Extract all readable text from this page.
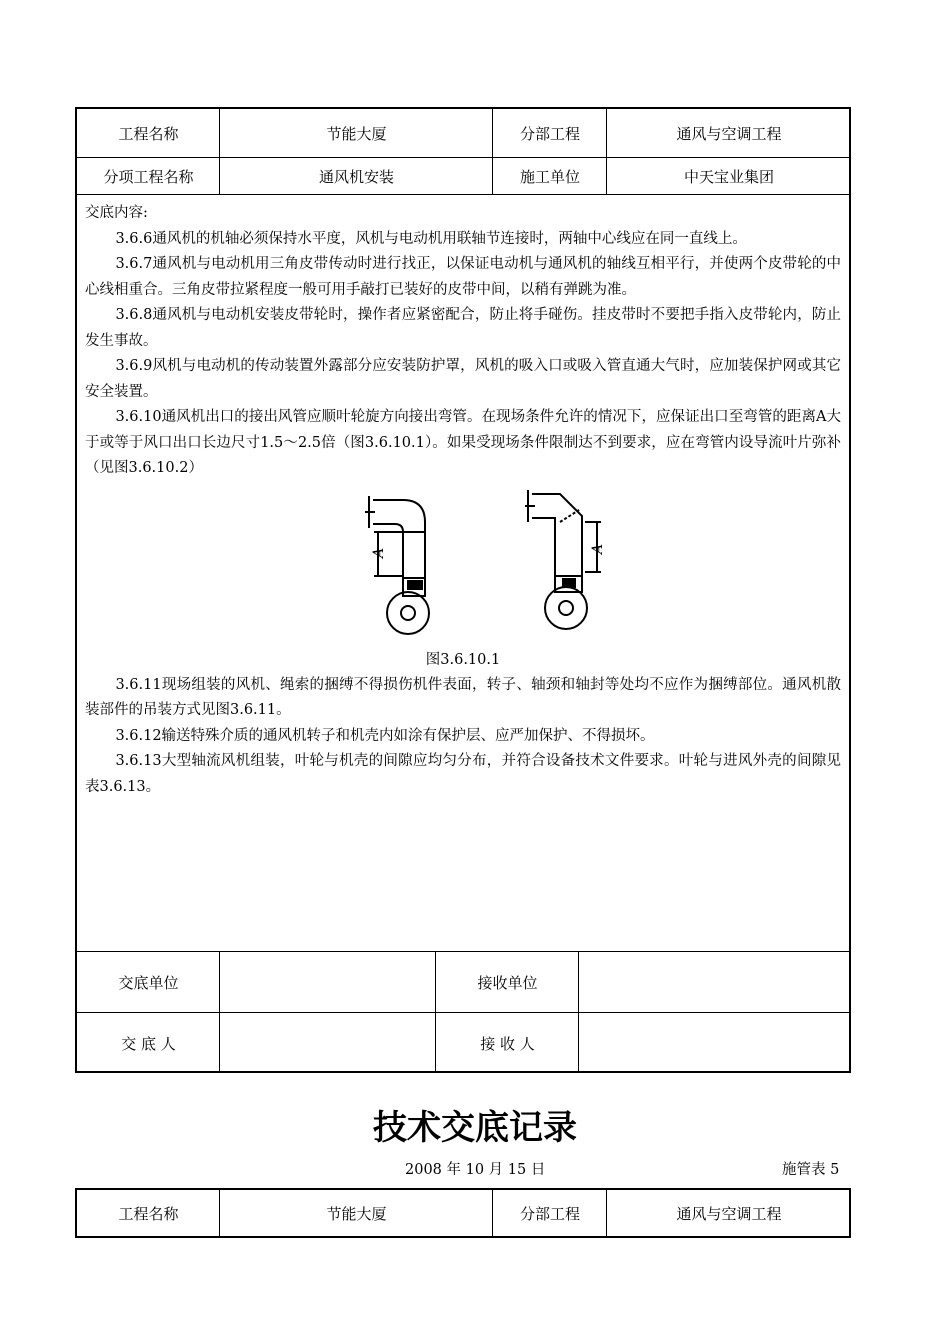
工程名称	节能大厦	分部工程	通风与空调工程
分项工程名称	通风机安装	施工单位	中天宝业集团

交底内容:

3.6.6通风机的机轴必须保持水平度，风机与电动机用联轴节连接时，两轴中心线应在同一直线上。

3.6.7通风机与电动机用三角皮带传动时进行找正，以保证电动机与通风机的轴线互相平行，并使两个皮带轮的中心线相重合。三角皮带拉紧程度一般可用手敲打已装好的皮带中间，以稍有弹跳为准。

3.6.8通风机与电动机安装皮带轮时，操作者应紧密配合，防止将手碰伤。挂皮带时不要把手指入皮带轮内，防止发生事故。

3.6.9风机与电动机的传动装置外露部分应安装防护罩，风机的吸入口或吸入管直通大气时，应加装保护网或其它安全装置。

3.6.10通风机出口的接出风管应顺叶轮旋方向接出弯管。在现场条件允许的情况下，应保证出口至弯管的距离A大于或等于风口出口长边尺寸1.5～2.5倍（图3.6.10.1）。如果受现场条件限制达不到要求，应在弯管内设导流叶片弥补（见图3.6.10.2）

A	A
图3.6.10.1

3.6.11现场组装的风机、绳索的捆缚不得损伤机件表面，转子、轴颈和轴封等处均不应作为捆缚部位。通风机散装部件的吊装方式见图3.6.11。

3.6.12输送特殊介质的通风机转子和机壳内如涂有保护层、应严加保护、不得损坏。

3.6.13大型轴流风机组装，叶轮与机壳的间隙应均匀分布，并符合设备技术文件要求。叶轮与进风外壳的间隙见表3.6.13。

交底单位	接收单位
交 底 人	接 收 人
技术交底记录
2008 年 10 月 15 日	施管表 5
工程名称	节能大厦	分部工程	通风与空调工程
